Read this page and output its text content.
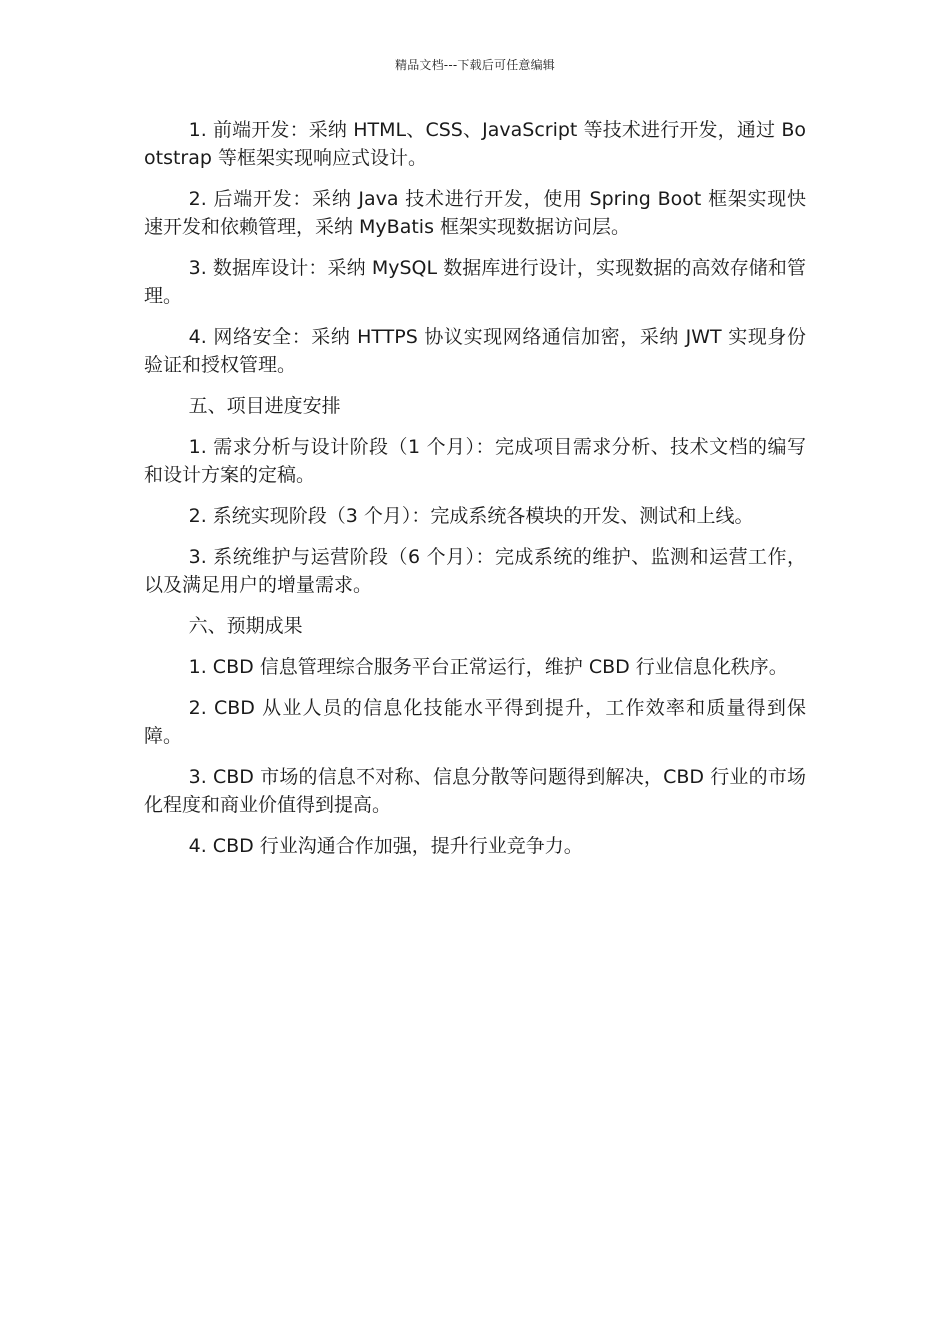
精品文档---下载后可任意编辑

1. 前端开发：采纳 HTML、CSS、JavaScript 等技术进行开发，通过 Bootstrap 等框架实现响应式设计。

2. 后端开发：采纳 Java 技术进行开发，使用 Spring Boot 框架实现快速开发和依赖管理，采纳 MyBatis 框架实现数据访问层。

3. 数据库设计：采纳 MySQL 数据库进行设计，实现数据的高效存储和管理。

4. 网络安全：采纳 HTTPS 协议实现网络通信加密，采纳 JWT 实现身份验证和授权管理。

五、项目进度安排

1. 需求分析与设计阶段（1 个月）：完成项目需求分析、技术文档的编写和设计方案的定稿。

2. 系统实现阶段（3 个月）：完成系统各模块的开发、测试和上线。

3. 系统维护与运营阶段（6 个月）：完成系统的维护、监测和运营工作，以及满足用户的增量需求。

六、预期成果

1. CBD 信息管理综合服务平台正常运行，维护 CBD 行业信息化秩序。

2. CBD 从业人员的信息化技能水平得到提升，工作效率和质量得到保障。

3. CBD 市场的信息不对称、信息分散等问题得到解决，CBD 行业的市场化程度和商业价值得到提高。

4. CBD 行业沟通合作加强，提升行业竞争力。
